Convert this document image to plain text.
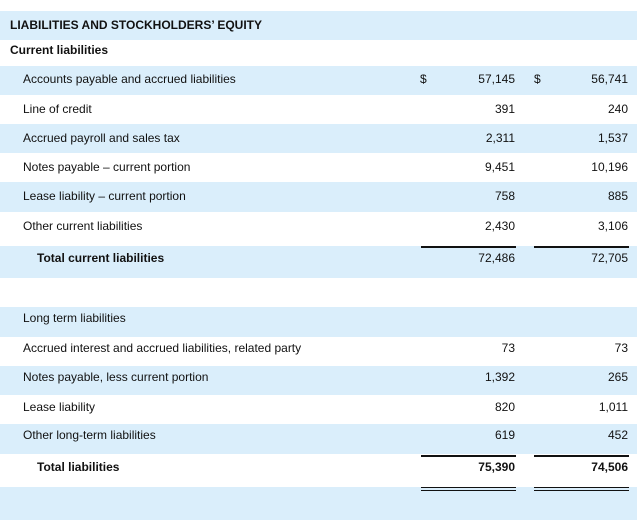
LIABILITIES AND STOCKHOLDERS’ EQUITY
Current liabilities
Accounts payable and accrued liabilities	$	57,145 $	56,741
Line of credit	391	240
Accrued payroll and sales tax	2,311	1,537
Notes payable – current portion	9,451	10,196
Lease liability – current portion	758	885
Other current liabilities	2,430	3,106
Total current liabilities	72,486	72,705
Long term liabilities
Accrued interest and accrued liabilities, related party	73	73
Notes payable, less current portion	1,392	265
Lease liability	820	1,011
Other long-term liabilities	619	452
Total liabilities	75,390	74,506
